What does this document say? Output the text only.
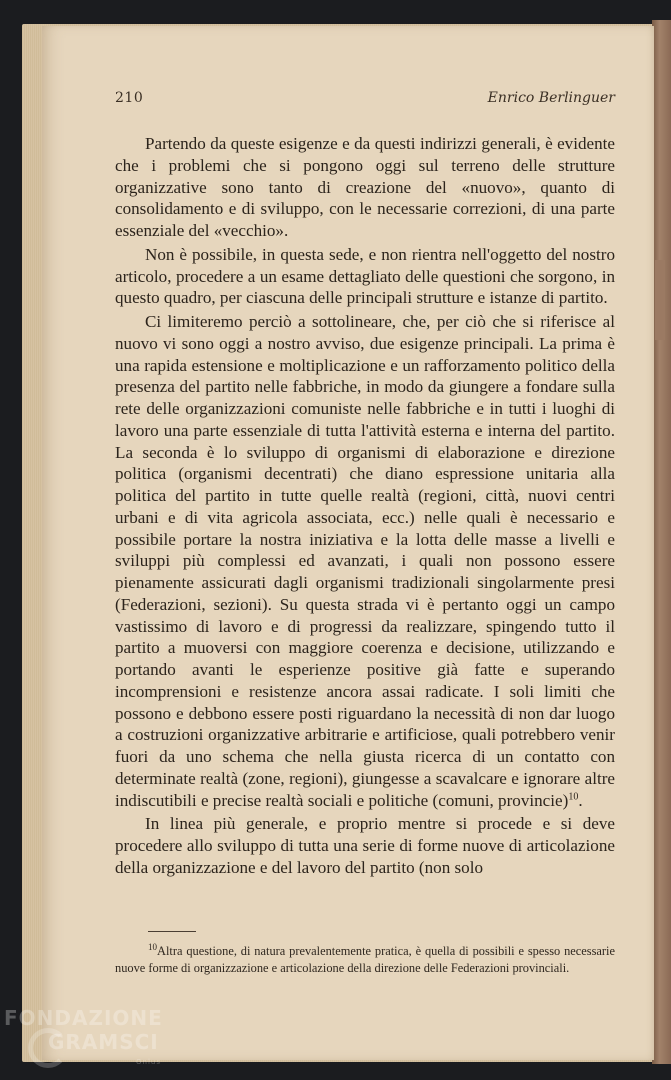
210	Enrico Berlinguer

Partendo da queste esigenze e da questi indirizzi generali, è evidente che i problemi che si pongono oggi sul terreno delle strutture organizzative sono tanto di creazione del «nuovo», quanto di consolidamento e di sviluppo, con le necessarie correzioni, di una parte essenziale del «vecchio».

Non è possibile, in questa sede, e non rientra nell'oggetto del nostro articolo, procedere a un esame dettagliato delle questioni che sorgono, in questo quadro, per ciascuna delle principali strutture e istanze di partito.

Ci limiteremo perciò a sottolineare, che, per ciò che si riferisce al nuovo vi sono oggi a nostro avviso, due esigenze principali. La prima è una rapida estensione e moltiplicazione e un rafforzamento politico della presenza del partito nelle fabbriche, in modo da giungere a fondare sulla rete delle organizzazioni comuniste nelle fabbriche e in tutti i luoghi di lavoro una parte essenziale di tutta l'attività esterna e interna del partito. La seconda è lo sviluppo di organismi di elaborazione e direzione politica (organismi decentrati) che diano espressione unitaria alla politica del partito in tutte quelle realtà (regioni, città, nuovi centri urbani e di vita agricola associata, ecc.) nelle quali è necessario e possibile portare la nostra iniziativa e la lotta delle masse a livelli e sviluppi più complessi ed avanzati, i quali non possono essere pienamente assicurati dagli organismi tradizionali singolarmente presi (Federazioni, sezioni). Su questa strada vi è pertanto oggi un campo vastissimo di lavoro e di progressi da realizzare, spingendo tutto il partito a muoversi con maggiore coerenza e decisione, utilizzando e portando avanti le esperienze positive già fatte e superando incomprensioni e resistenze ancora assai radicate. I soli limiti che possono e debbono essere posti riguardano la necessità di non dar luogo a costruzioni organizzative arbitrarie e artificiose, quali potrebbero venir fuori da uno schema che nella giusta ricerca di un contatto con determinate realtà (zone, regioni), giungesse a scavalcare e ignorare altre indiscutibili e precise realtà sociali e politiche (comuni, provincie)$^{10}$.

In linea più generale, e proprio mentre si procede e si deve procedere allo sviluppo di tutta una serie di forme nuove di articolazione della organizzazione e del lavoro del partito (non solo

$^{10}$Altra questione, di natura prevalentemente pratica, è quella di possibili e spesso necessarie nuove forme di organizzazione e articolazione della direzione delle Federazioni provinciali.
FONDAZIONE
GRAMSCI
Onlus
